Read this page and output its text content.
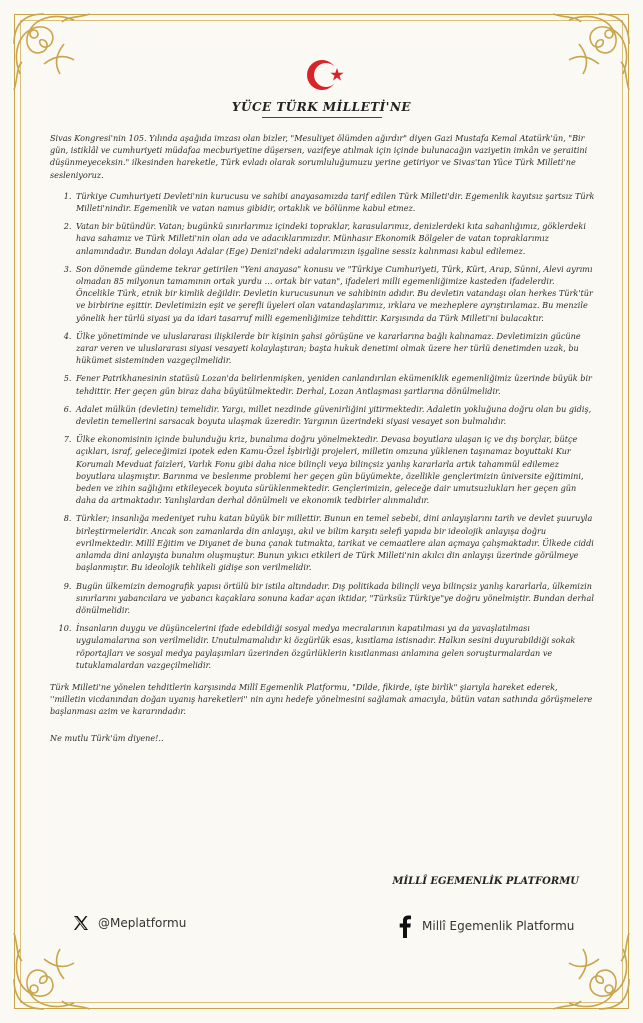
YÜCE TÜRK MİLLETİ'NE

Sivas Kongresi'nin 105. Yılında aşağıda imzası olan bizler, "Mesuliyet ölümden ağırdır" diyen Gazi Mustafa Kemal Atatürk'ün, "Bir gün, istiklâl ve cumhuriyeti müdafaa mecburiyetine düşersen, vazifeye atılmak için içinde bulunacağın vaziyetin imkân ve şeraitini düşünmeyeceksin." ilkesinden hareketle, Türk evladı olarak sorumluluğumuzu yerine getiriyor ve Sivas'tan Yüce Türk Milleti'ne sesleniyoruz.

1. Türkiye Cumhuriyeti Devleti'nin kurucusu ve sahibi anayasamızda tarif edilen Türk Milleti'dir. Egemenlik kayıtsız şartsız Türk Milleti'nindir. Egemenlik ve vatan namus gibidir, ortaklık ve bölünme kabul etmez.
2. Vatan bir bütündür. Vatan; bugünkü sınırlarımız içindeki topraklar, karasularımız, denizlerdeki kıta sahanlığımız, göklerdeki hava sahamız ve Türk Milleti'nin olan ada ve adacıklarımızdır. Münhasır Ekonomik Bölgeler de vatan topraklarımız anlamındadır. Bundan dolayı Adalar (Ege) Denizi'ndeki adalarımızın işgaline sessiz kalınması kabul edilemez.
3. Son dönemde gündeme tekrar getirilen "Yeni anayasa" konusu ve "Türkiye Cumhuriyeti, Türk, Kürt, Arap, Sünni, Alevi ayrımı olmadan 85 milyonun tamamının ortak yurdu … ortak bir vatan", ifadeleri milli egemenliğimize kasteden ifadelerdir. Öncelikle Türk, etnik bir kimlik değildir. Devletin kurucusunun ve sahibinin adıdır. Bu devletin vatandaşı olan herkes Türk'tür ve birbirine eşittir. Devletimizin eşit ve şerefli üyeleri olan vatandaşlarımız, ırklara ve mezheplere ayrıştırılamaz. Bu menzile yönelik her türlü siyasi ya da idari tasarruf milli egemenliğimize tehdittir. Karşısında da Türk Milleti'ni bulacaktır.
4. Ülke yönetiminde ve uluslararası ilişkilerde bir kişinin şahsi görüşüne ve kararlarına bağlı kalınamaz. Devletimizin gücüne zarar veren ve uluslararası siyasi vesayeti kolaylaştıran; başta hukuk denetimi olmak üzere her türlü denetimden uzak, bu hükümet sisteminden vazgeçilmelidir.
5. Fener Patrikhanesinin statüsü Lozan'da belirlenmişken, yeniden canlandırılan ekümeniklik egemenliğimiz üzerinde büyük bir tehdittir. Her geçen gün biraz daha büyütülmektedir. Derhal, Lozan Antlaşması şartlarına dönülmelidir.
6. Adalet mülkün (devletin) temelidir. Yargı, millet nezdinde güvenirliğini yitirmektedir. Adaletin yokluğuna doğru olan bu gidiş, devletin temellerini sarsacak boyuta ulaşmak üzeredir. Yargının üzerindeki siyasi vesayet son bulmalıdır.
7. Ülke ekonomisinin içinde bulunduğu kriz, bunalıma doğru yönelmektedir. Devasa boyutlara ulaşan iç ve dış borçlar, bütçe açıkları, israf, geleceğimizi ipotek eden Kamu-Özel İşbirliği projeleri, milletin omzuna yüklenen taşınamaz boyuttaki Kur Korumalı Mevduat faizleri, Varlık Fonu gibi daha nice bilinçli veya bilinçsiz yanlış kararlarla artık tahammül edilemez boyutlara ulaşmıştır. Barınma ve beslenme problemi her geçen gün büyümekte, özellikle gençlerimizin üniversite eğitimini, beden ve zihin sağlığını etkileyecek boyuta sürüklenmektedir. Gençlerimizin, geleceğe dair umutsuzlukları her geçen gün daha da artmaktadır. Yanlışlardan derhal dönülmeli ve ekonomik tedbirler alınmalıdır.
8. Türkler; insanlığa medeniyet ruhu katan büyük bir millettir. Bunun en temel sebebi, dini anlayışlarını tarih ve devlet şuuruyla birleştirmeleridir. Ancak son zamanlarda din anlayışı, akıl ve bilim karşıtı selefi yapıda bir ideolojik anlayışa doğru evrilmektedir. Millî Eğitim ve Diyanet de buna çanak tutmakta, tarikat ve cemaatlere alan açmaya çalışmaktadır. Ülkede ciddi anlamda dini anlayışta bunalım oluşmuştur. Bunun yıkıcı etkileri de Türk Milleti'nin akılcı din anlayışı üzerinde görülmeye başlanmıştır. Bu ideolojik tehlikeli gidişe son verilmelidir.
9. Bugün ülkemizin demografik yapısı örtülü bir istila altındadır. Dış politikada bilinçli veya bilinçsiz yanlış kararlarla, ülkemizin sınırlarını yabancılara ve yabancı kaçaklara sonuna kadar açan iktidar, "Türksüz Türkiye"ye doğru yönelmiştir. Bundan derhal dönülmelidir.
10. İnsanların duygu ve düşüncelerini ifade edebildiği sosyal medya mecralarının kapatılması ya da yavaşlatılması uygulamalarına son verilmelidir. Unutulmamalıdır ki özgürlük esas, kısıtlama istisnadır. Halkın sesini duyurabildiği sokak röportajları ve sosyal medya paylaşımları üzerinden özgürlüklerin kısıtlanması anlamına gelen soruşturmalardan ve tutuklamalardan vazgeçilmelidir.

Türk Milleti'ne yönelen tehditlerin karşısında Millî Egemenlik Platformu, "Dilde, fikirde, işte birlik" şiarıyla hareket ederek, ''milletin vicdanından doğan uyanış hareketleri'' nin aynı hedefe yönelmesini sağlamak amacıyla, bütün vatan sathında görüşmelere başlanması azim ve kararındadır.

Ne mutlu Türk'üm diyene!..

MİLLÎ EGEMENLİK PLATFORMU
@Meplatformu	Millî Egemenlik Platformu
